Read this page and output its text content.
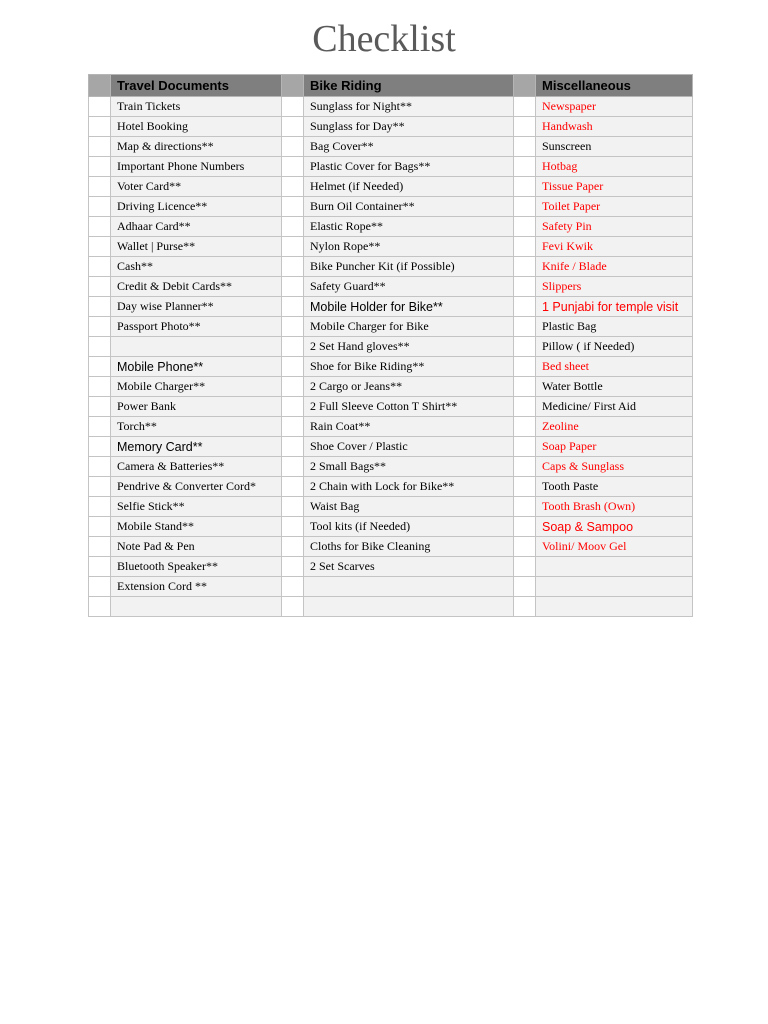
Checklist
	Travel Documents		Bike Riding		Miscellaneous
	Train Tickets		Sunglass for Night**		Newspaper
	Hotel Booking		Sunglass for Day**		Handwash
	Map & directions**		Bag Cover**		Sunscreen
	Important Phone Numbers		Plastic Cover for Bags**		Hotbag
	Voter Card**		Helmet (if Needed)		Tissue Paper
	Driving Licence**		Burn Oil Container**		Toilet Paper
	Adhaar Card**		Elastic Rope**		Safety Pin
	Wallet | Purse**		Nylon Rope**		Fevi Kwik
	Cash**		Bike Puncher Kit (if Possible)		Knife / Blade
	Credit & Debit Cards**		Safety Guard**		Slippers
	Day wise Planner**		Mobile Holder for Bike**		1 Punjabi for temple visit
	Passport Photo**		Mobile Charger for Bike		Plastic Bag
			2 Set Hand gloves**		Pillow ( if Needed)
	Mobile Phone**		Shoe for Bike Riding**		Bed sheet
	Mobile Charger**		2 Cargo or Jeans**		Water Bottle
	Power Bank		2 Full Sleeve Cotton T Shirt**		Medicine/ First Aid
	Torch**		Rain Coat**		Zeoline
	Memory Card**		Shoe Cover / Plastic		Soap Paper
	Camera & Batteries**		2 Small Bags**		Caps & Sunglass
	Pendrive & Converter Cord*		2 Chain with Lock for Bike**		Tooth Paste
	Selfie Stick**		Waist Bag		Tooth Brash (Own)
	Mobile Stand**		Tool kits (if Needed)		Soap & Sampoo
	Note Pad & Pen		Cloths for Bike Cleaning		Volini/ Moov Gel
	Bluetooth Speaker**		2 Set Scarves		
	Extension Cord **				
